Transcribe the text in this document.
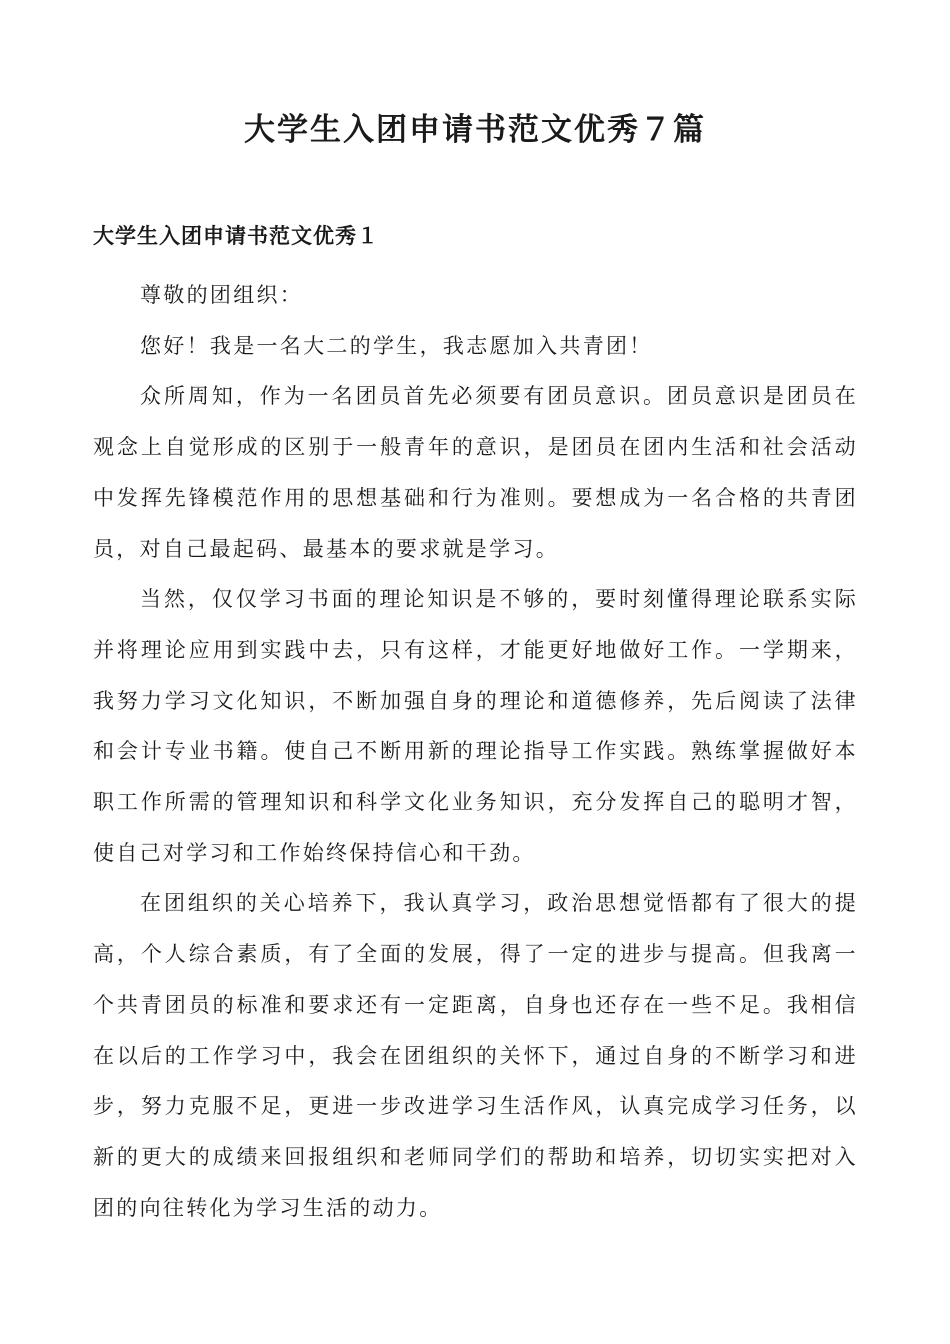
大学生入团申请书范文优秀７篇
大学生入团申请书范文优秀１

尊敬的团组织：

您好！我是一名大二的学生，我志愿加入共青团！

众所周知，作为一名团员首先必须要有团员意识。团员意识是团员在观念上自觉形成的区别于一般青年的意识，是团员在团内生活和社会活动中发挥先锋模范作用的思想基础和行为准则。要想成为一名合格的共青团员，对自己最起码、最基本的要求就是学习。

当然，仅仅学习书面的理论知识是不够的，要时刻懂得理论联系实际并将理论应用到实践中去，只有这样，才能更好地做好工作。一学期来，我努力学习文化知识，不断加强自身的理论和道德修养，先后阅读了法律和会计专业书籍。使自己不断用新的理论指导工作实践。熟练掌握做好本职工作所需的管理知识和科学文化业务知识，充分发挥自己的聪明才智，使自己对学习和工作始终保持信心和干劲。

在团组织的关心培养下，我认真学习，政治思想觉悟都有了很大的提高，个人综合素质，有了全面的发展，得了一定的进步与提高。但我离一个共青团员的标准和要求还有一定距离，自身也还存在一些不足。我相信在以后的工作学习中，我会在团组织的关怀下，通过自身的不断学习和进步，努力克服不足，更进一步改进学习生活作风，认真完成学习任务，以新的更大的成绩来回报组织和老师同学们的帮助和培养，切切实实把对入团的向往转化为学习生活的动力。
